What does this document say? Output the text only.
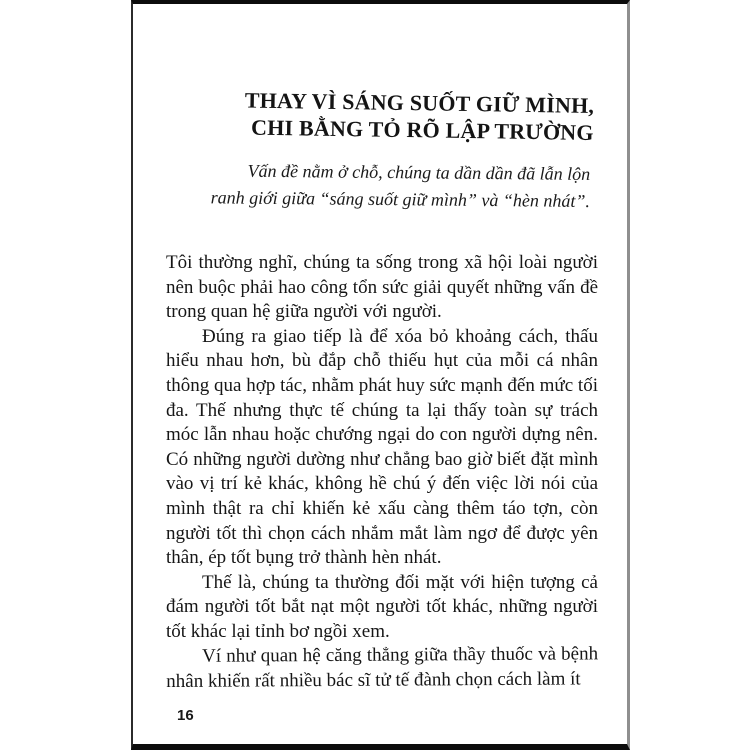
THAY VÌ SÁNG SUỐT GIỮ MÌNH,
CHI BẰNG TỎ RÕ LẬP TRƯỜNG
Vấn đề nằm ở chỗ, chúng ta dần dần đã lẫn lộn
ranh giới giữa “sáng suốt giữ mình” và “hèn nhát”.

Tôi thường nghĩ, chúng ta sống trong xã hội loài người nên buộc phải hao công tổn sức giải quyết những vấn đề trong quan hệ giữa người với người.

Đúng ra giao tiếp là để xóa bỏ khoảng cách, thấu hiểu nhau hơn, bù đắp chỗ thiếu hụt của mỗi cá nhân thông qua hợp tác, nhằm phát huy sức mạnh đến mức tối đa. Thế nhưng thực tế chúng ta lại thấy toàn sự trách móc lẫn nhau hoặc chướng ngại do con người dựng nên. Có những người dường như chẳng bao giờ biết đặt mình vào vị trí kẻ khác, không hề chú ý đến việc lời nói của mình thật ra chỉ khiến kẻ xấu càng thêm táo tợn, còn người tốt thì chọn cách nhắm mắt làm ngơ để được yên thân, ép tốt bụng trở thành hèn nhát.

Thế là, chúng ta thường đối mặt với hiện tượng cả đám người tốt bắt nạt một người tốt khác, những người tốt khác lại tỉnh bơ ngồi xem.

Ví như quan hệ căng thẳng giữa thầy thuốc và bệnh nhân khiến rất nhiều bác sĩ tử tế đành chọn cách làm ít

16
